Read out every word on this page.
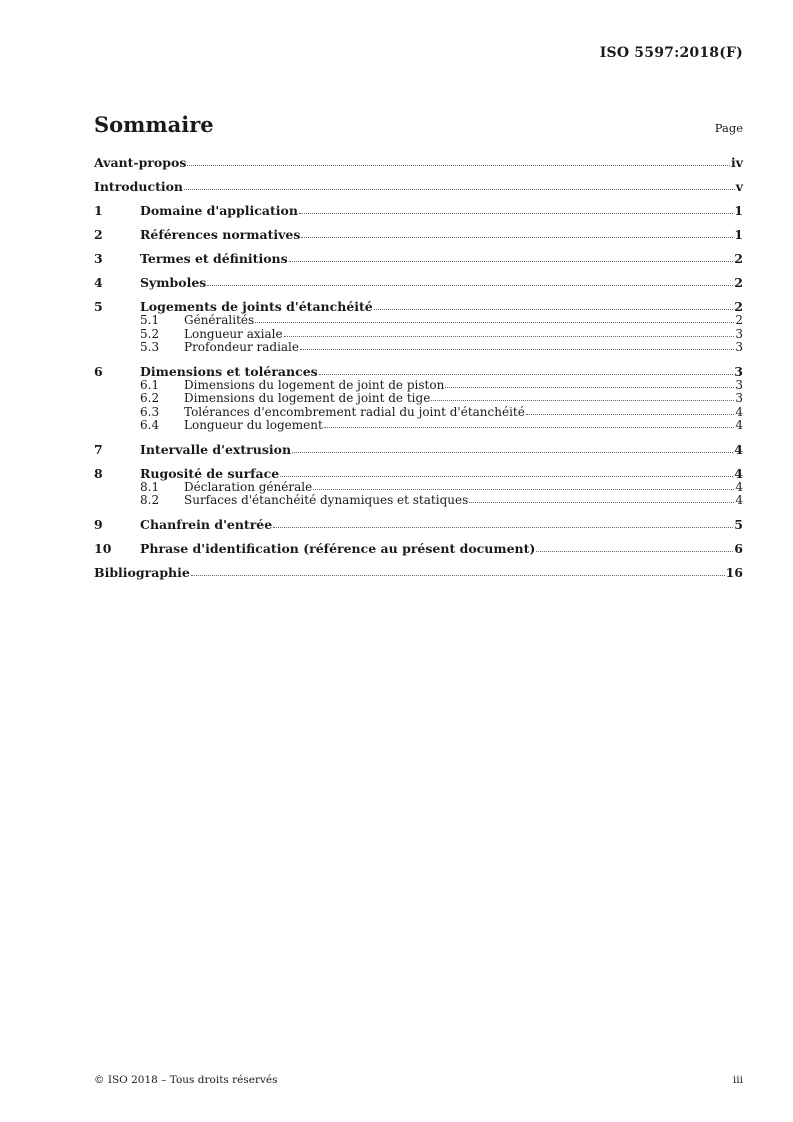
ISO 5597:2018(F)
Sommaire	Page
Avant-propos	iv
Introduction	v
1	Domaine d'application	1
2	Références normatives	1
3	Termes et définitions	2
4	Symboles	2
5	Logements de joints d'étanchéité	2
5.1	Généralités	2
5.2	Longueur axiale	3
5.3	Profondeur radiale	3
6	Dimensions et tolérances	3
6.1	Dimensions du logement de joint de piston	3
6.2	Dimensions du logement de joint de tige	3
6.3	Tolérances d'encombrement radial du joint d'étanchéité	4
6.4	Longueur du logement	4
7	Intervalle d'extrusion	4
8	Rugosité de surface	4
8.1	Déclaration générale	4
8.2	Surfaces d'étanchéité dynamiques et statiques	4
9	Chanfrein d'entrée	5
10	Phrase d'identification (référence au présent document)	6
Bibliographie	16
© ISO 2018 – Tous droits réservés	iii
